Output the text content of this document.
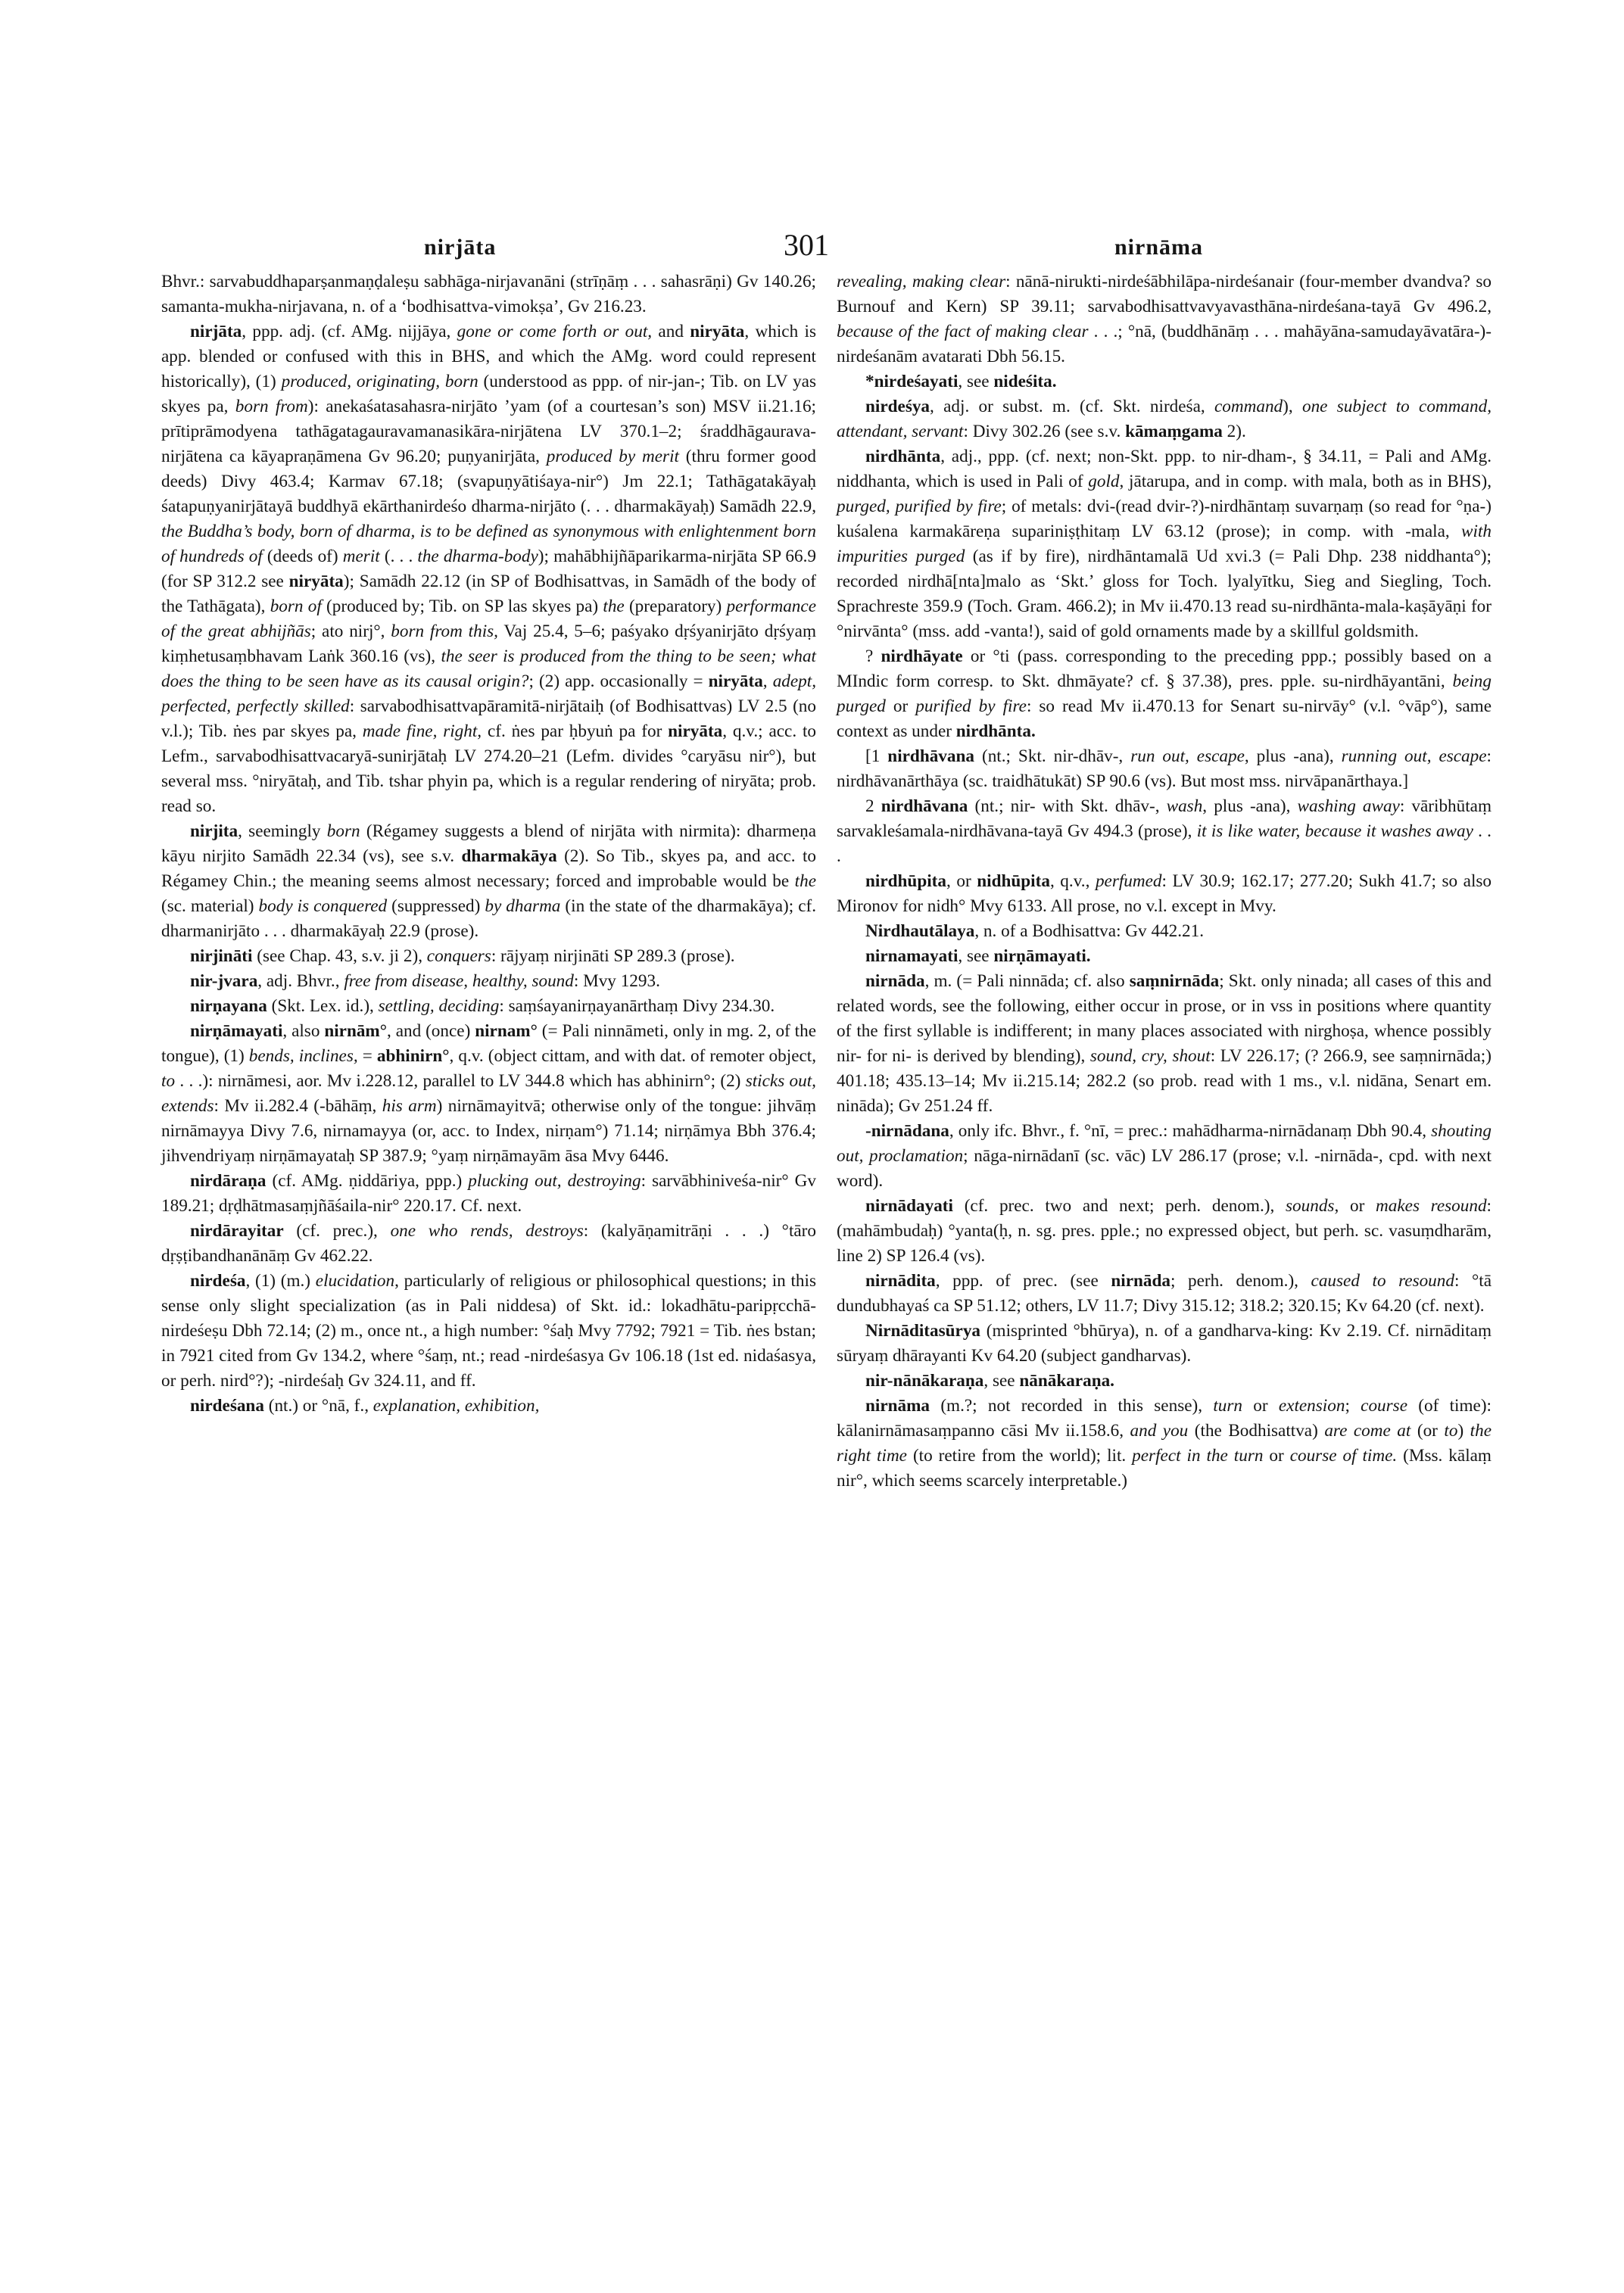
nirjāta	301	nirnāma

Bhvr.: sarvabuddhaparṣanmaṇḍaleṣu sabhāga-nirjavanāni (strīṇāṃ . . . sahasrāṇi) Gv 140.26; samanta-mukha-nirjavana, n. of a ‘bodhisattva-vimokṣa’, Gv 216.23.

nirjāta, ppp. adj. (cf. AMg. nijjāya, gone or come forth or out, and niryāta, which is app. blended or confused with this in BHS, and which the AMg. word could represent historically), (1) produced, originating, born (understood as ppp. of nir-jan-; Tib. on LV yas skyes pa, born from): anekaśatasahasra-nirjāto ’yam (of a courtesan’s son) MSV ii.21.16; prītiprāmodyena tathāgatagauravamanasikāra-nirjātena LV 370.1–2; śraddhāgaurava-nirjātena ca kāyapraṇāmena Gv 96.20; puṇyanirjāta, produced by merit (thru former good deeds) Divy 463.4; Karmav 67.18; (svapuṇyātiśaya-nir°) Jm 22.1; Tathāgatakāyaḥ śatapuṇyanirjātayā buddhyā ekārthanirdeśo dharma-nirjāto (. . . dharmakāyaḥ) Samādh 22.9, the Buddha’s body, born of dharma, is to be defined as synonymous with enlightenment born of hundreds of (deeds of) merit (. . . the dharma-body); mahābhijñāparikarma-nirjāta SP 66.9 (for SP 312.2 see niryāta); Samādh 22.12 (in SP of Bodhisattvas, in Samādh of the body of the Tathāgata), born of (produced by; Tib. on SP las skyes pa) the (preparatory) performance of the great abhijñās; ato nirj°, born from this, Vaj 25.4, 5–6; paśyako dṛśyanirjāto dṛśyaṃ kiṃhetusaṃbhavam Laṅk 360.16 (vs), the seer is produced from the thing to be seen; what does the thing to be seen have as its causal origin?; (2) app. occasionally = niryāta, adept, perfected, perfectly skilled: sarvabodhisattvapāramitā-nirjātaiḥ (of Bodhisattvas) LV 2.5 (no v.l.); Tib. ṅes par skyes pa, made fine, right, cf. ṅes par ḥbyuṅ pa for niryāta, q.v.; acc. to Lefm., sarvabodhisattvacaryā-sunirjātaḥ LV 274.20–21 (Lefm. divides °caryāsu nir°), but several mss. °niryātaḥ, and Tib. tshar phyin pa, which is a regular rendering of niryāta; prob. read so.

nirjita, seemingly born (Régamey suggests a blend of nirjāta with nirmita): dharmeṇa kāyu nirjito Samādh 22.34 (vs), see s.v. dharmakāya (2). So Tib., skyes pa, and acc. to Régamey Chin.; the meaning seems almost necessary; forced and improbable would be the (sc. material) body is conquered (suppressed) by dharma (in the state of the dharmakāya); cf. dharmanirjāto . . . dharmakāyaḥ 22.9 (prose).

nirjināti (see Chap. 43, s.v. ji 2), conquers: rājyaṃ nirjināti SP 289.3 (prose).

nir-jvara, adj. Bhvr., free from disease, healthy, sound: Mvy 1293.

nirṇayana (Skt. Lex. id.), settling, deciding: saṃśayanirṇayanārthaṃ Divy 234.30.

nirṇāmayati, also nirnām°, and (once) nirnam° (= Pali ninnāmeti, only in mg. 2, of the tongue), (1) bends, inclines, = abhinirn°, q.v. (object cittam, and with dat. of remoter object, to . . .): nirnāmesi, aor. Mv i.228.12, parallel to LV 344.8 which has abhinirn°; (2) sticks out, extends: Mv ii.282.4 (-bāhāṃ, his arm) nirnāmayitvā; otherwise only of the tongue: jihvāṃ nirnāmayya Divy 7.6, nirnamayya (or, acc. to Index, nirṇam°) 71.14; nirṇāmya Bbh 376.4; jihvendriyaṃ nirṇāmayataḥ SP 387.9; °yaṃ nirṇāmayām āsa Mvy 6446.

nirdāraṇa (cf. AMg. ṇiddāriya, ppp.) plucking out, destroying: sarvābhiniveśa-nir° Gv 189.21; dṛḍhātmasaṃjñāśaila-nir° 220.17. Cf. next.

nirdārayitar (cf. prec.), one who rends, destroys: (kalyāṇamitrāṇi . . .) °tāro dṛṣṭibandhanānāṃ Gv 462.22.

nirdeśa, (1) (m.) elucidation, particularly of religious or philosophical questions; in this sense only slight specialization (as in Pali niddesa) of Skt. id.: lokadhātu-paripṛcchā-nirdeśeṣu Dbh 72.14; (2) m., once nt., a high number: °śaḥ Mvy 7792; 7921 = Tib. ṅes bstan; in 7921 cited from Gv 134.2, where °śaṃ, nt.; read -nirdeśasya Gv 106.18 (1st ed. nidaśasya, or perh. nird°?); -nirdeśaḥ Gv 324.11, and ff.

nirdeśana (nt.) or °nā, f., explanation, exhibition,

revealing, making clear: nānā-nirukti-nirdeśābhilāpa-nirdeśanair (four-member dvandva? so Burnouf and Kern) SP 39.11; sarvabodhisattvavyavasthāna-nirdeśana-tayā Gv 496.2, because of the fact of making clear . . .; °nā, (buddhānāṃ . . . mahāyāna-samudayāvatāra-)-nirdeśanām avatarati Dbh 56.15.

*nirdeśayati, see nideśita.

nirdeśya, adj. or subst. m. (cf. Skt. nirdeśa, command), one subject to command, attendant, servant: Divy 302.26 (see s.v. kāmaṃgama 2).

nirdhānta, adj., ppp. (cf. next; non-Skt. ppp. to nir-dham-, § 34.11, = Pali and AMg. niddhanta, which is used in Pali of gold, jātarupa, and in comp. with mala, both as in BHS), purged, purified by fire; of metals: dvi-(read dvir-?)-nirdhāntaṃ suvarṇaṃ (so read for °ṇa-) kuśalena karmakāreṇa supariniṣṭhitaṃ LV 63.12 (prose); in comp. with -mala, with impurities purged (as if by fire), nirdhāntamalā Ud xvi.3 (= Pali Dhp. 238 niddhanta°); recorded nirdhā[nta]malo as ‘Skt.’ gloss for Toch. lyalyītku, Sieg and Siegling, Toch. Sprachreste 359.9 (Toch. Gram. 466.2); in Mv ii.470.13 read su-nirdhānta-mala-kaṣāyāṇi for °nirvānta° (mss. add -vanta!), said of gold ornaments made by a skillful goldsmith.

? nirdhāyate or °ti (pass. corresponding to the preceding ppp.; possibly based on a MIndic form corresp. to Skt. dhmāyate? cf. § 37.38), pres. pple. su-nirdhāyantāni, being purged or purified by fire: so read Mv ii.470.13 for Senart su-nirvāy° (v.l. °vāp°), same context as under nirdhānta.

[1 nirdhāvana (nt.; Skt. nir-dhāv-, run out, escape, plus -ana), running out, escape: nirdhāvanārthāya (sc. traidhātukāt) SP 90.6 (vs). But most mss. nirvāpanārthaya.]

2 nirdhāvana (nt.; nir- with Skt. dhāv-, wash, plus -ana), washing away: vāribhūtaṃ sarvakleśamala-nirdhāvana-tayā Gv 494.3 (prose), it is like water, because it washes away . . .

nirdhūpita, or nidhūpita, q.v., perfumed: LV 30.9; 162.17; 277.20; Sukh 41.7; so also Mironov for nidh° Mvy 6133. All prose, no v.l. except in Mvy.

Nirdhautālaya, n. of a Bodhisattva: Gv 442.21.

nirnamayati, see nirṇāmayati.

nirnāda, m. (= Pali ninnāda; cf. also saṃnirnāda; Skt. only ninada; all cases of this and related words, see the following, either occur in prose, or in vss in positions where quantity of the first syllable is indifferent; in many places associated with nirghoṣa, whence possibly nir- for ni- is derived by blending), sound, cry, shout: LV 226.17; (? 266.9, see saṃnirnāda;) 401.18; 435.13–14; Mv ii.215.14; 282.2 (so prob. read with 1 ms., v.l. nidāna, Senart em. nināda); Gv 251.24 ff.

-nirnādana, only ifc. Bhvr., f. °nī, = prec.: mahādharma-nirnādanaṃ Dbh 90.4, shouting out, proclamation; nāga-nirnādanī (sc. vāc) LV 286.17 (prose; v.l. -nirnāda-, cpd. with next word).

nirnādayati (cf. prec. two and next; perh. denom.), sounds, or makes resound: (mahāmbudaḥ) °yanta(ḥ, n. sg. pres. pple.; no expressed object, but perh. sc. vasuṃdharām, line 2) SP 126.4 (vs).

nirnādita, ppp. of prec. (see nirnāda; perh. denom.), caused to resound: °tā dundubhayaś ca SP 51.12; others, LV 11.7; Divy 315.12; 318.2; 320.15; Kv 64.20 (cf. next).

Nirnāditasūrya (misprinted °bhūrya), n. of a gandharva-king: Kv 2.19. Cf. nirnāditaṃ sūryaṃ dhārayanti Kv 64.20 (subject gandharvas).

nir-nānākaraṇa, see nānākaraṇa.

nirnāma (m.?; not recorded in this sense), turn or extension; course (of time): kālanirnāmasaṃpanno cāsi Mv ii.158.6, and you (the Bodhisattva) are come at (or to) the right time (to retire from the world); lit. perfect in the turn or course of time. (Mss. kālaṃ nir°, which seems scarcely interpretable.)
